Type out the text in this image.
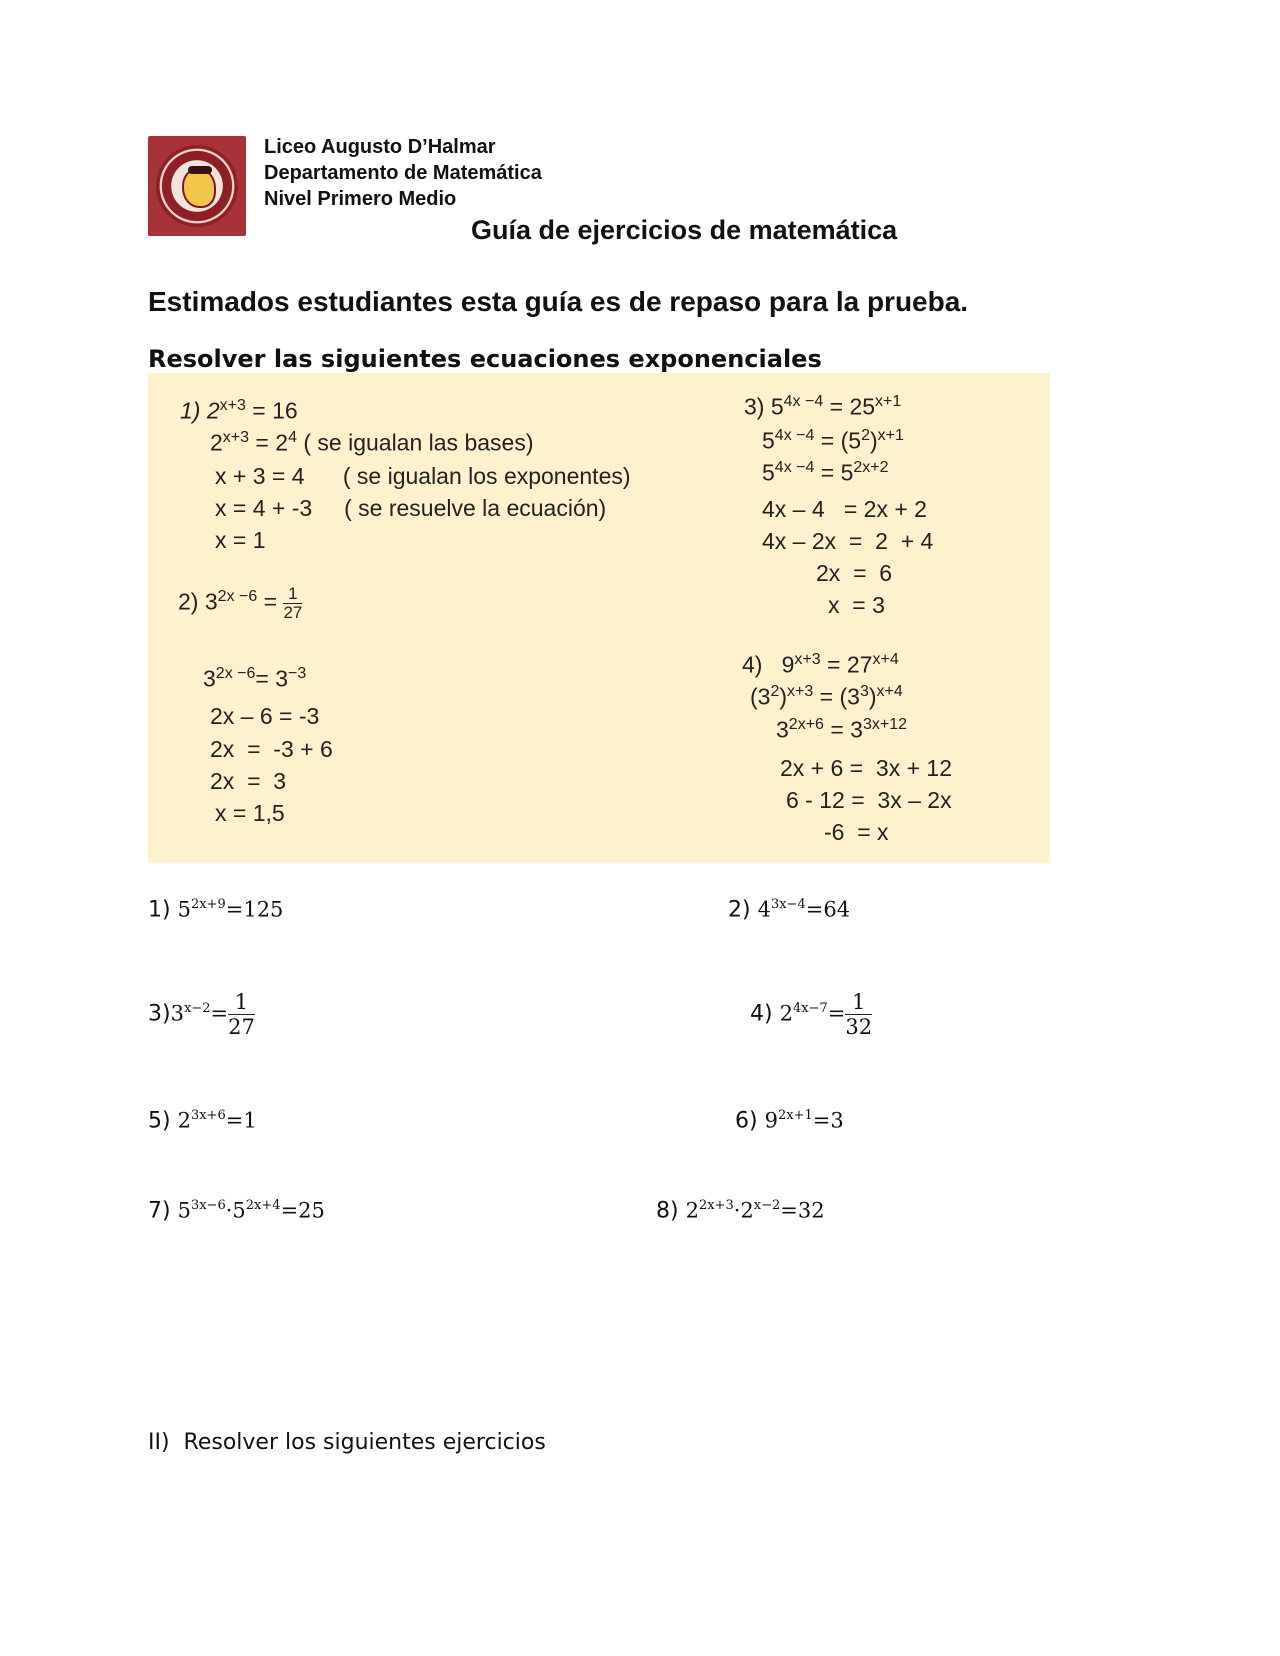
Liceo Augusto D’Halmar
Departamento de Matemática
Nivel Primero Medio
Guía de ejercicios de matemática
Estimados estudiantes esta guía es de repaso para la prueba.
Resolver las siguientes ecuaciones exponenciales
1) $2^{x+3} = 16$
$2^{x+3} = 2^4$ ( se igualan las bases)
x + 3 = 4      ( se igualan los exponentes)
x = 4 + -3     ( se resuelve la ecuación)
x = 1
2) $3^{2x -6} = \frac{1}{27}$
$3^{2x -6}= 3^{-3}$
2x – 6 = -3
2x  =  -3 + 6
2x  =  3
x = 1,5
3) $5^{4x -4} = 25^{x+1}$
$5^{4x -4} = (5^2)^{x+1}$
$5^{4x -4} = 5^{2x+2}$
4x – 4   = 2x + 2
4x – 2x  =  2  + 4
2x  =  6
x  = 3
4)   $9^{x+3} = 27^{x+4}$
$(3^2)^{x+3} = (3^3)^{x+4}$
$3^{2x+6} = 3^{3x+12}$
2x + 6 =  3x + 12
6 - 12 =  3x – 2x
-6  = x
1) $5^{2x+9}=125$	2) $4^{3x-4}=64$
$3)3^{x-2}= \frac{1}{27}$	4) $2^{4x-7}= \frac{1}{32}$
5) $2^{3x+6}=1$	6) $9^{2x+1}=3$
7) $5^{3x-6}\cdot 5^{2x+4}=25$	8) $2^{2x+3}\cdot 2^{x-2}=32$
II)  Resolver los siguientes ejercicios
